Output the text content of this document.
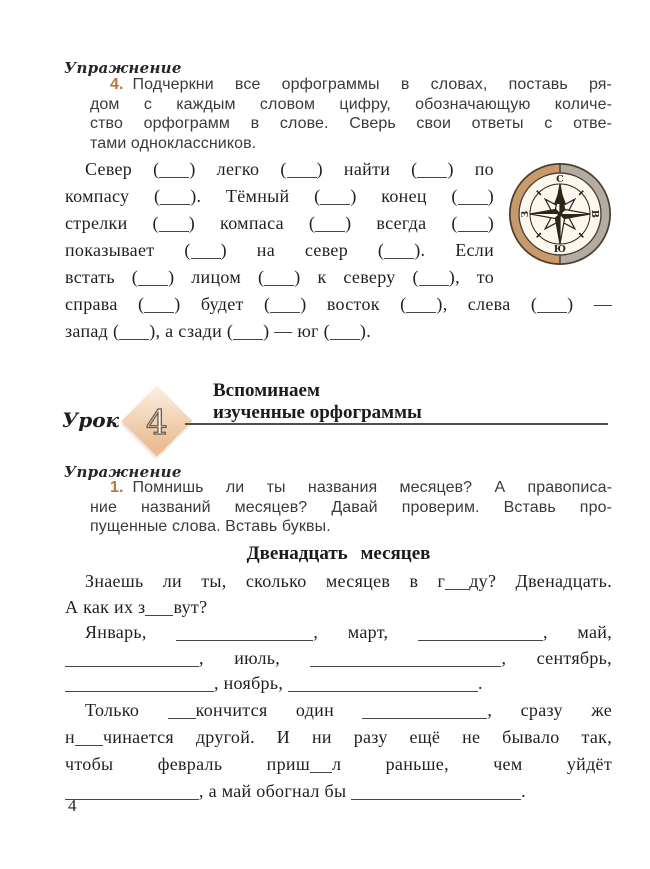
Упражнение
4. Подчеркни все орфограммы в словах, поставь ря-
дом с каждым словом цифру, обозначающую количе-
ство орфограмм в слове. Сверь свои ответы с отве-
тами одноклассников.
С
Ю
З	В
Север ( ) легко ( ) найти ( ) по
компасу ( ). Тёмный ( ) конец ( )
стрелки ( ) компаса ( ) всегда ( )
показывает ( ) на север ( ). Если
встать ( ) лицом ( ) к северу ( ), то
справа ( ) будет ( ) восток ( ), слева ( ) —
запад ( ), а сзади ( ) — юг ( ).
Урок 4
Вспоминаем
изученные орфограммы
Упражнение
1. Помнишь ли ты названия месяцев? А правописа-
ние названий месяцев? Давай проверим. Вставь про-
пущенные слова. Вставь буквы.
Двенадцать месяцев
Знаешь ли ты, сколько месяцев в г ду? Двенадцать.
А как их з вут?
Январь,	, март,	, май,
, июль,	, сентябрь,
, ноябрь,	.
Только кончится один	, сразу же
н чинается другой. И ни разу ещё не бывало так,
чтобы февраль приш л раньше, чем уйдёт
, а май обогнал бы	.
4
